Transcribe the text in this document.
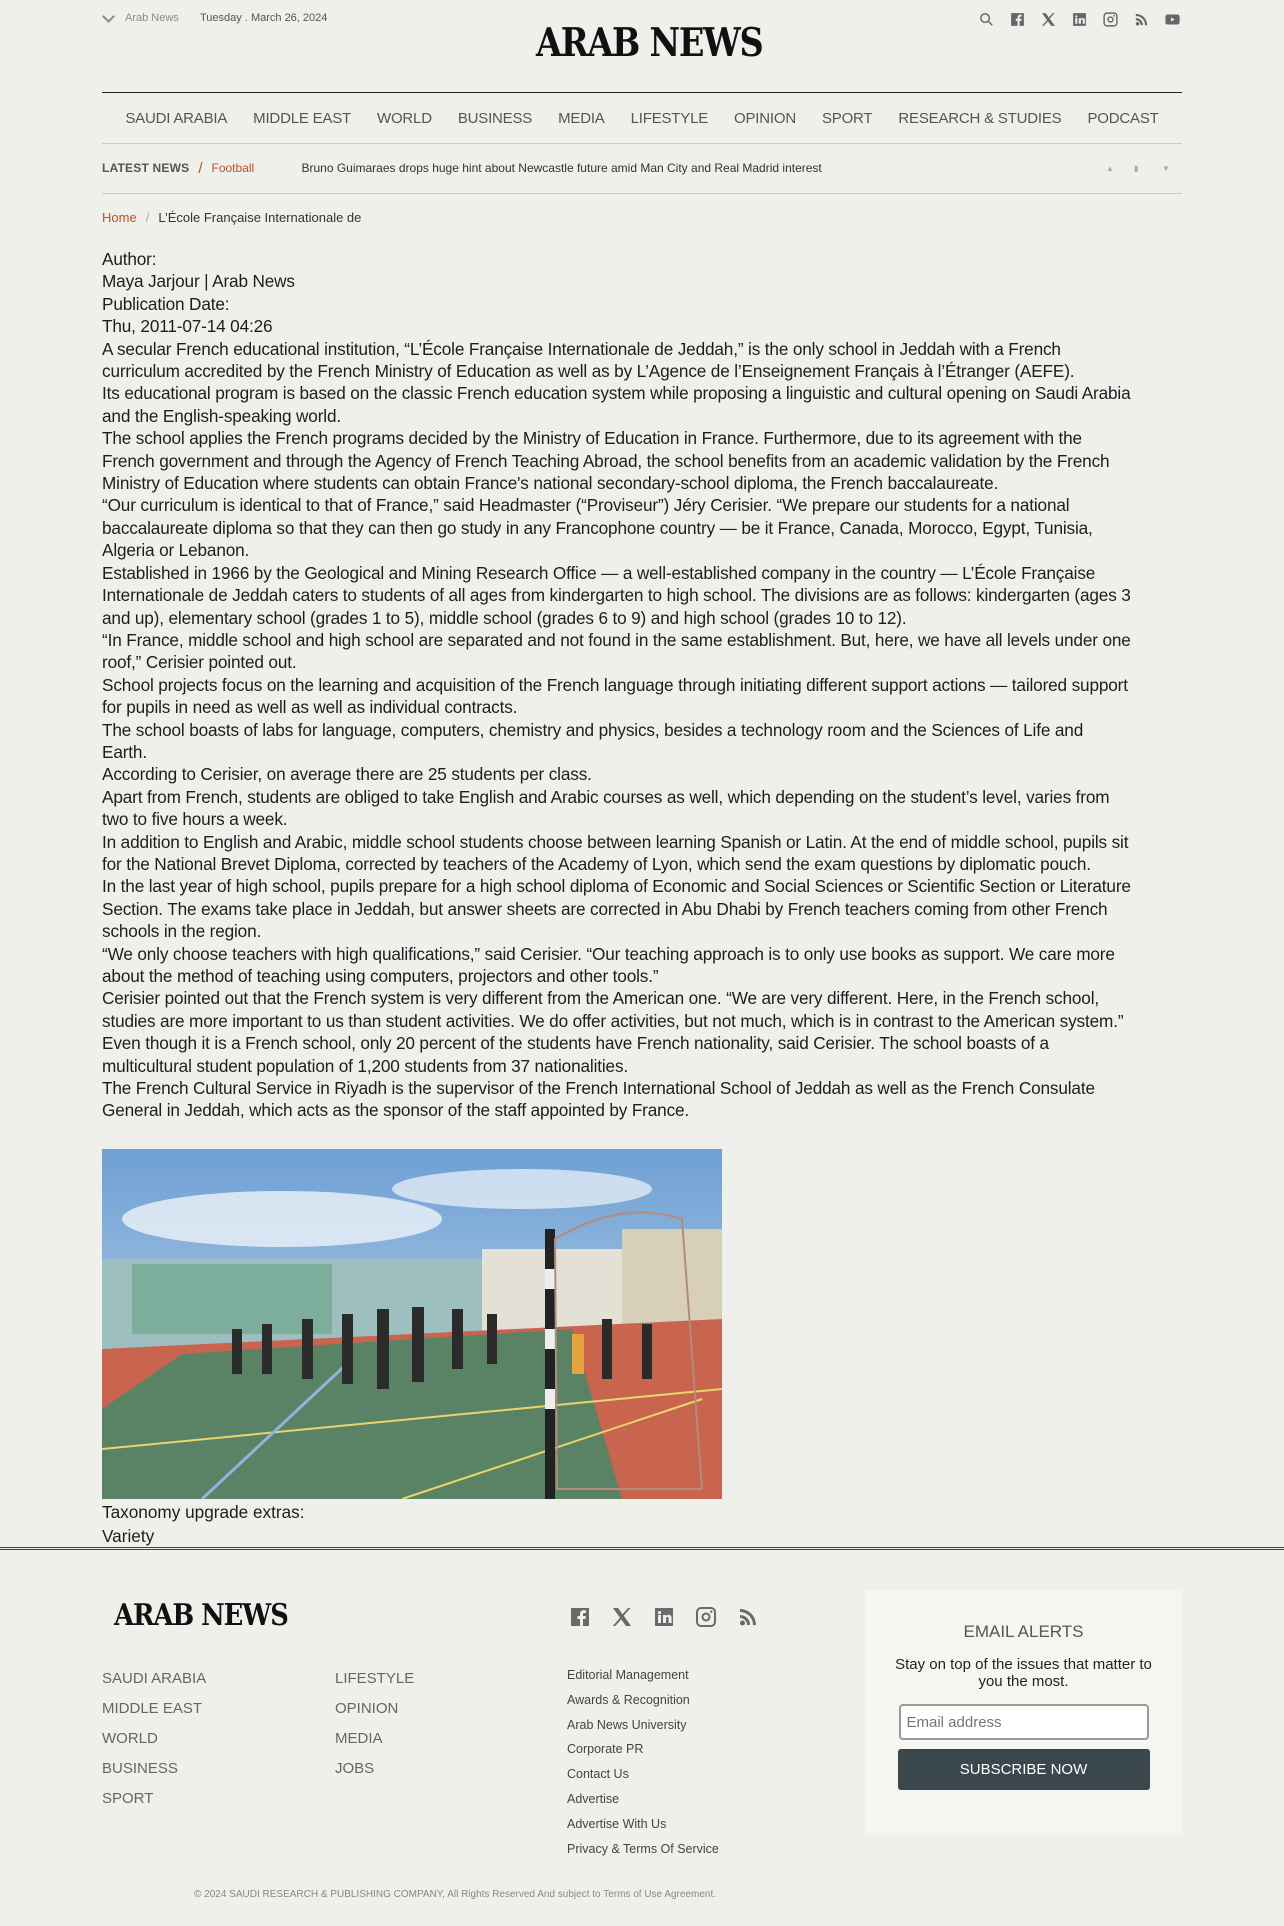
Arab News Tuesday . March 26, 2024
ARAB NEWS
SAUDI ARABIA	MIDDLE EAST	WORLD	BUSINESS	MEDIA	LIFESTYLE	OPINION	SPORT	RESEARCH & STUDIES	PODCAST
LATEST NEWS / Football	Bruno Guimaraes drops huge hint about Newcastle future amid Man City and Real Madrid interest	▲	▮	▼
Home / L’École Française Internationale de

Author:

Maya Jarjour | Arab News

Publication Date:

Thu, 2011-07-14 04:26

A secular French educational institution, “L’École Française Internationale de Jeddah,” is the only school in Jeddah with a French curriculum accredited by the French Ministry of Education as well as by L’Agence de l’Enseignement Français à l’Étranger (AEFE).

Its educational program is based on the classic French education system while proposing a linguistic and cultural opening on Saudi Arabia and the English-speaking world.

The school applies the French programs decided by the Ministry of Education in France. Furthermore, due to its agreement with the French government and through the Agency of French Teaching Abroad, the school benefits from an academic validation by the French Ministry of Education where students can obtain France's national secondary-school diploma, the French baccalaureate.

“Our curriculum is identical to that of France,” said Headmaster (“Proviseur”) Jéry Cerisier. “We prepare our students for a national baccalaureate diploma so that they can then go study in any Francophone country — be it France, Canada, Morocco, Egypt, Tunisia, Algeria or Lebanon.

Established in 1966 by the Geological and Mining Research Office — a well-established company in the country — L’École Française Internationale de Jeddah caters to students of all ages from kindergarten to high school. The divisions are as follows: kindergarten (ages 3 and up), elementary school (grades 1 to 5), middle school (grades 6 to 9) and high school (grades 10 to 12).

“In France, middle school and high school are separated and not found in the same establishment. But, here, we have all levels under one roof,” Cerisier pointed out.

School projects focus on the learning and acquisition of the French language through initiating different support actions — tailored support for pupils in need as well as well as individual contracts.

The school boasts of labs for language, computers, chemistry and physics, besides a technology room and the Sciences of Life and Earth.

According to Cerisier, on average there are 25 students per class.

Apart from French, students are obliged to take English and Arabic courses as well, which depending on the student’s level, varies from two to five hours a week.

In addition to English and Arabic, middle school students choose between learning Spanish or Latin. At the end of middle school, pupils sit for the National Brevet Diploma, corrected by teachers of the Academy of Lyon, which send the exam questions by diplomatic pouch.

In the last year of high school, pupils prepare for a high school diploma of Economic and Social Sciences or Scientific Section or Literature Section. The exams take place in Jeddah, but answer sheets are corrected in Abu Dhabi by French teachers coming from other French schools in the region.

“We only choose teachers with high qualifications,” said Cerisier. “Our teaching approach is to only use books as support. We care more about the method of teaching using computers, projectors and other tools.”

Cerisier pointed out that the French system is very different from the American one. “We are very different. Here, in the French school, studies are more important to us than student activities. We do offer activities, but not much, which is in contrast to the American system.”

Even though it is a French school, only 20 percent of the students have French nationality, said Cerisier. The school boasts of a multicultural student population of 1,200 students from 37 nationalities.

The French Cultural Service in Riyadh is the supervisor of the French International School of Jeddah as well as the French Consulate General in Jeddah, which acts as the sponsor of the staff appointed by France.

Taxonomy upgrade extras:
Variety
ARAB NEWS
SAUDI ARABIA
MIDDLE EAST
WORLD
BUSINESS
SPORT
LIFESTYLE
OPINION
MEDIA
JOBS
Editorial Management
Awards & Recognition
Arab News University
Corporate PR
Contact Us
Advertise
Advertise With Us
Privacy & Terms Of Service
EMAIL ALERTS
Stay on top of the issues that matter to you the most.
Email address
SUBSCRIBE NOW
© 2024 SAUDI RESEARCH & PUBLISHING COMPANY, All Rights Reserved And subject to Terms of Use Agreement.
